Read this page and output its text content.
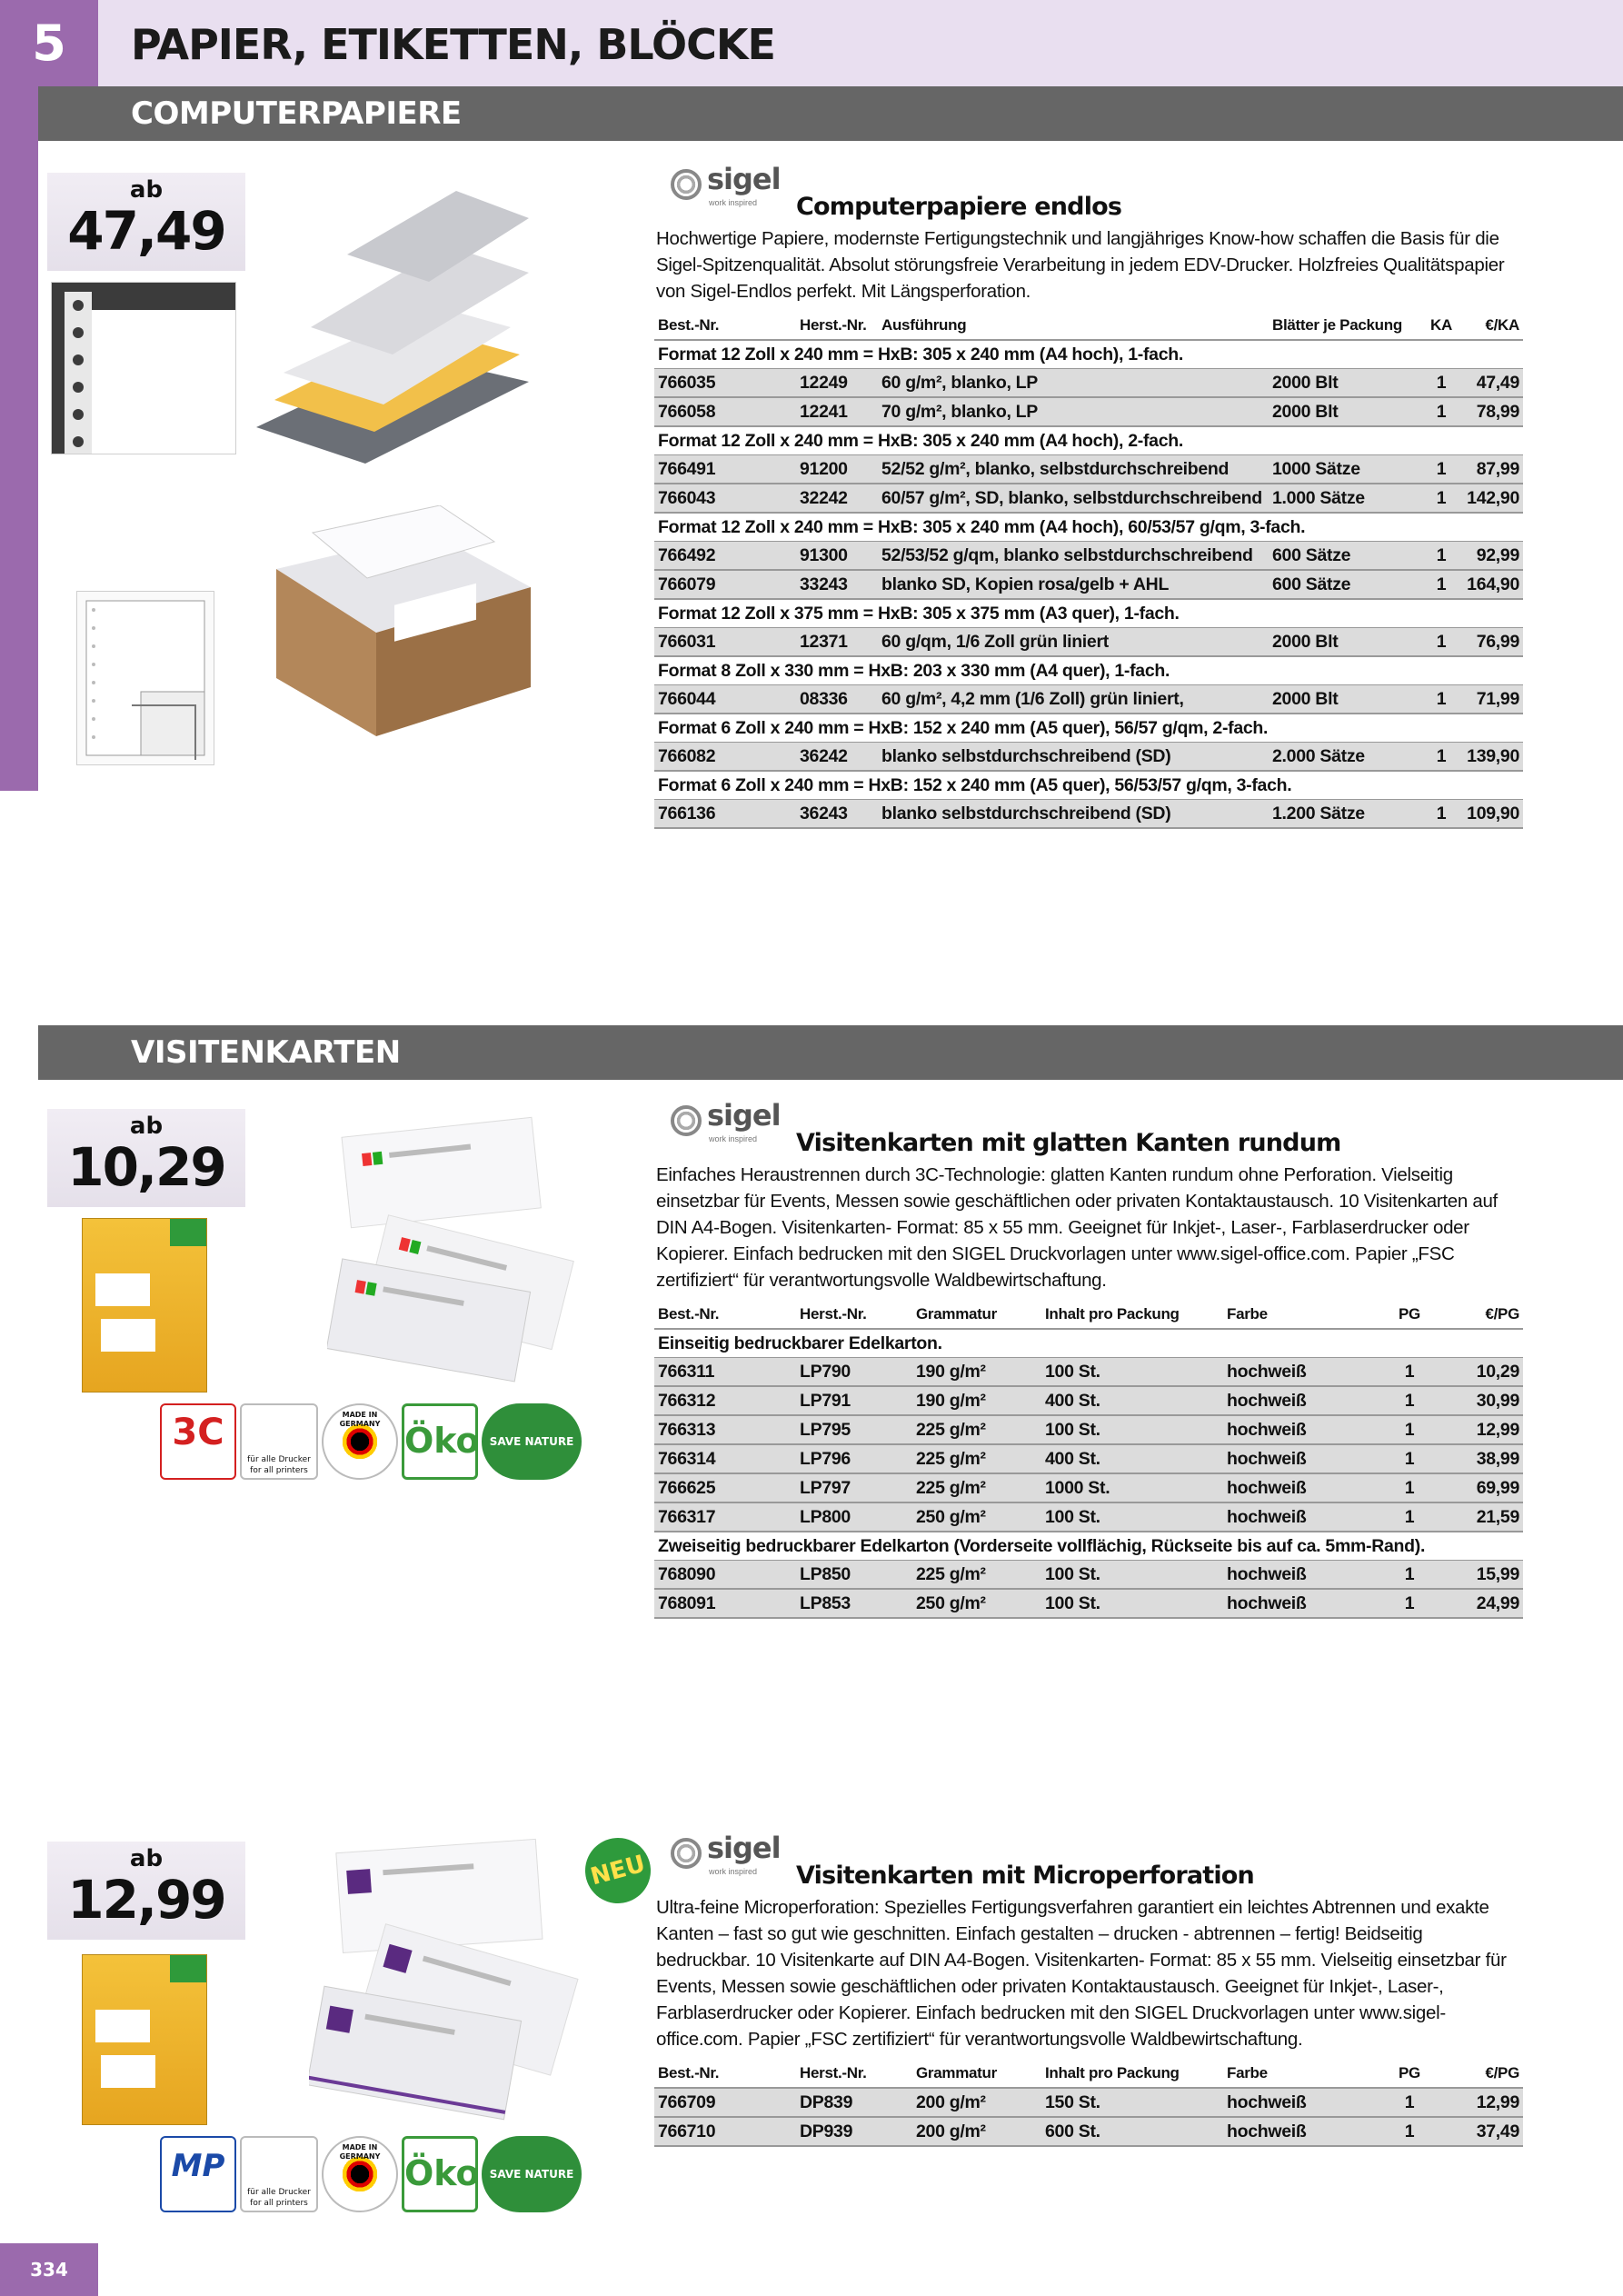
5	PAPIER, ETIKETTEN, BLÖCKE
COMPUTERPAPIERE
ab
47,49
sigel
work inspired Computerpapiere endlos
Hochwertige Papiere, modernste Fertigungstechnik und langjähriges Know-how schaffen die Basis für die Sigel-Spitzenqualität. Absolut störungsfreie Verarbeitung in jedem EDV-Drucker. Holzfreies Qualitätspapier von Sigel-Endlos perfekt. Mit Längsperforation.
Best.-Nr.	Herst.-Nr.	Ausführung	Blätter je Packung	KA	€/KA
Format 12 Zoll x 240 mm = HxB: 305 x 240 mm (A4 hoch), 1-fach.					
766035	12249	60 g/m², blanko, LP	2000 Blt	1	47,49
766058	12241	70 g/m², blanko, LP	2000 Blt	1	78,99
Format 12 Zoll x 240 mm = HxB: 305 x 240 mm (A4 hoch), 2-fach.					
766491	91200	52/52 g/m², blanko, selbstdurchschreibend	1000 Sätze	1	87,99
766043	32242	60/57 g/m², SD, blanko, selbstdurchschreibend	1.000 Sätze	1	142,90
Format 12 Zoll x 240 mm = HxB: 305 x 240 mm (A4 hoch), 60/53/57 g/qm, 3-fach.					
766492	91300	52/53/52 g/qm, blanko selbstdurchschreibend	600 Sätze	1	92,99
766079	33243	blanko SD, Kopien rosa/gelb + AHL	600 Sätze	1	164,90
Format 12 Zoll x 375 mm = HxB: 305 x 375 mm (A3 quer), 1-fach.					
766031	12371	60 g/qm, 1/6 Zoll grün liniert	2000 Blt	1	76,99
Format 8 Zoll x 330 mm = HxB: 203 x 330 mm (A4 quer), 1-fach.					
766044	08336	60 g/m², 4,2 mm (1/6 Zoll) grün liniert,	2000 Blt	1	71,99
Format 6 Zoll x 240 mm = HxB: 152 x 240 mm (A5 quer), 56/57 g/qm, 2-fach.					
766082	36242	blanko selbstdurchschreibend (SD)	2.000 Sätze	1	139,90
Format 6 Zoll x 240 mm = HxB: 152 x 240 mm (A5 quer), 56/53/57 g/qm, 3-fach.					
766136	36243	blanko selbstdurchschreibend (SD)	1.200 Sätze	1	109,90
VISITENKARTEN
ab
10,29
3C
für alle Drucker for all printers
MADE IN GERMANY Öko SAVE NATURE
sigel
work inspired Visitenkarten mit glatten Kanten rundum
Einfaches Heraustrennen durch 3C-Technologie: glatten Kanten rundum ohne Perforation. Vielseitig einsetzbar für Events, Messen sowie geschäftlichen oder privaten Kontaktaustausch. 10 Visitenkarten auf DIN A4-Bogen. Visitenkarten- Format: 85 x 55 mm. Geeignet für Inkjet-, Laser-, Farblaserdrucker oder Kopierer. Einfach bedrucken mit den SIGEL Druckvorlagen unter www.sigel-office.com. Papier „FSC zertifiziert“ für verantwortungsvolle Waldbewirtschaftung.
Best.-Nr.	Herst.-Nr.	Grammatur	Inhalt pro Packung	Farbe	PG	€/PG
Einseitig bedruckbarer Edelkarton.						
766311	LP790	190 g/m²	100 St.	hochweiß	1	10,29
766312	LP791	190 g/m²	400 St.	hochweiß	1	30,99
766313	LP795	225 g/m²	100 St.	hochweiß	1	12,99
766314	LP796	225 g/m²	400 St.	hochweiß	1	38,99
766625	LP797	225 g/m²	1000 St.	hochweiß	1	69,99
766317	LP800	250 g/m²	100 St.	hochweiß	1	21,59
Zweiseitig bedruckbarer Edelkarton (Vorderseite vollflächig, Rückseite bis auf ca. 5mm-Rand).						
768090	LP850	225 g/m²	100 St.	hochweiß	1	15,99
768091	LP853	250 g/m²	100 St.	hochweiß	1	24,99
ab
12,99
MP
für alle Drucker for all printers
MADE IN GERMANY Öko SAVE NATURE
NEU
sigel
work inspired Visitenkarten mit Microperforation
Ultra-feine Microperforation: Spezielles Fertigungsverfahren garantiert ein leichtes Abtrennen und exakte Kanten – fast so gut wie geschnitten. Einfach gestalten – drucken - abtrennen – fertig! Beidseitig bedruckbar. 10 Visitenkarte auf DIN A4-Bogen. Visitenkarten- Format: 85 x 55 mm. Vielseitig einsetzbar für Events, Messen sowie geschäftlichen oder privaten Kontaktaustausch. Geeignet für Inkjet-, Laser-, Farblaserdrucker oder Kopierer. Einfach bedrucken mit den SIGEL Druckvorlagen unter www.sigel-office.com. Papier „FSC zertifiziert“ für verantwortungsvolle Waldbewirtschaftung.
Best.-Nr.	Herst.-Nr.	Grammatur	Inhalt pro Packung	Farbe	PG	€/PG
766709	DP839	200 g/m²	150 St.	hochweiß	1	12,99
766710	DP939	200 g/m²	600 St.	hochweiß	1	37,49
334
